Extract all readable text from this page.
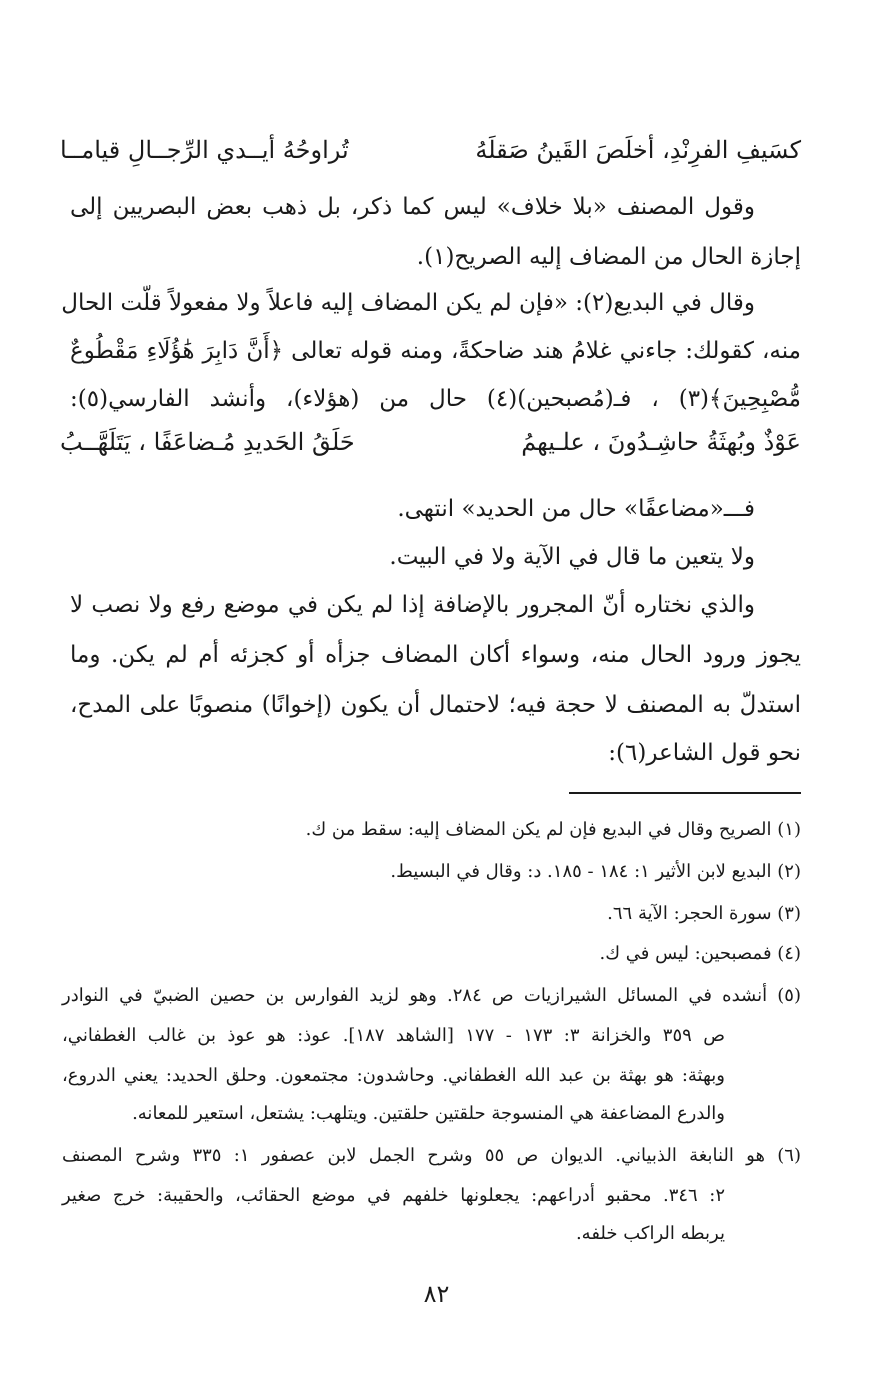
كسَيفِ الفرِنْدِ، أخلَصَ القَينُ صَقلَهُ
تُراوحُهُ أيــدي الرِّجــالِ قيامــا
وقول المصنف «بلا خلاف» ليس كما ذكر، بل ذهب بعض البصريين إلى
إجازة الحال من المضاف إليه الصريح(١).
وقال في البديع(٢): «فإن لم يكن المضاف إليه فاعلاً ولا مفعولاً قلّت الحال
منه، كقولك: جاءني غلامُ هند ضاحكةً، ومنه قوله تعالى ﴿أَنَّ دَابِرَ هَٰؤُلَاءِ مَقْطُوعٌ
مُّصْبِحِينَ﴾(٣) ، فـ(مُصبحين)(٤) حال من (هؤلاء)، وأنشد الفارسي(٥):
عَوْذٌ وبُهثَةُ حاشِـدُونَ ، علـيهمُ
حَلَقُ الحَديدِ مُـضاعَفًا ، يَتَلَهَّــبُ
فـــ«مضاعفًا» حال من الحديد» انتهى.
ولا يتعين ما قال في الآية ولا في البيت.
والذي نختاره أنّ المجرور بالإضافة إذا لم يكن في موضع رفع ولا نصب لا
يجوز ورود الحال منه، وسواء أكان المضاف جزأه أو كجزئه أم لم يكن. وما
استدلّ به المصنف لا حجة فيه؛ لاحتمال أن يكون (إخوانًا) منصوبًا على المدح،
نحو قول الشاعر(٦):
(١) الصريح وقال في البديع فإن لم يكن المضاف إليه: سقط من ك.
(٢) البديع لابن الأثير ١: ١٨٤ - ١٨٥. د: وقال في البسيط.
(٣) سورة الحجر: الآية ٦٦.
(٤) فمصبحين: ليس في ك.
(٥) أنشده في المسائل الشيرازيات ص ٢٨٤. وهو لزيد الفوارس بن حصين الضبيّ في النوادر
ص ٣٥٩ والخزانة ٣: ١٧٣ - ١٧٧ [الشاهد ١٨٧]. عوذ: هو عوذ بن غالب الغطفاني،
وبهثة: هو بهثة بن عبد الله الغطفاني. وحاشدون: مجتمعون. وحلق الحديد: يعني الدروع،
والدرع المضاعفة هي المنسوجة حلقتين حلقتين. ويتلهب: يشتعل، استعير للمعانه.
(٦) هو النابغة الذبياني. الديوان ص ٥٥ وشرح الجمل لابن عصفور ١: ٣٣٥ وشرح المصنف
٢: ٣٤٦. محقبو أدراعهم: يجعلونها خلفهم في موضع الحقائب، والحقيبة: خرج صغير
يربطه الراكب خلفه.
٨٢
